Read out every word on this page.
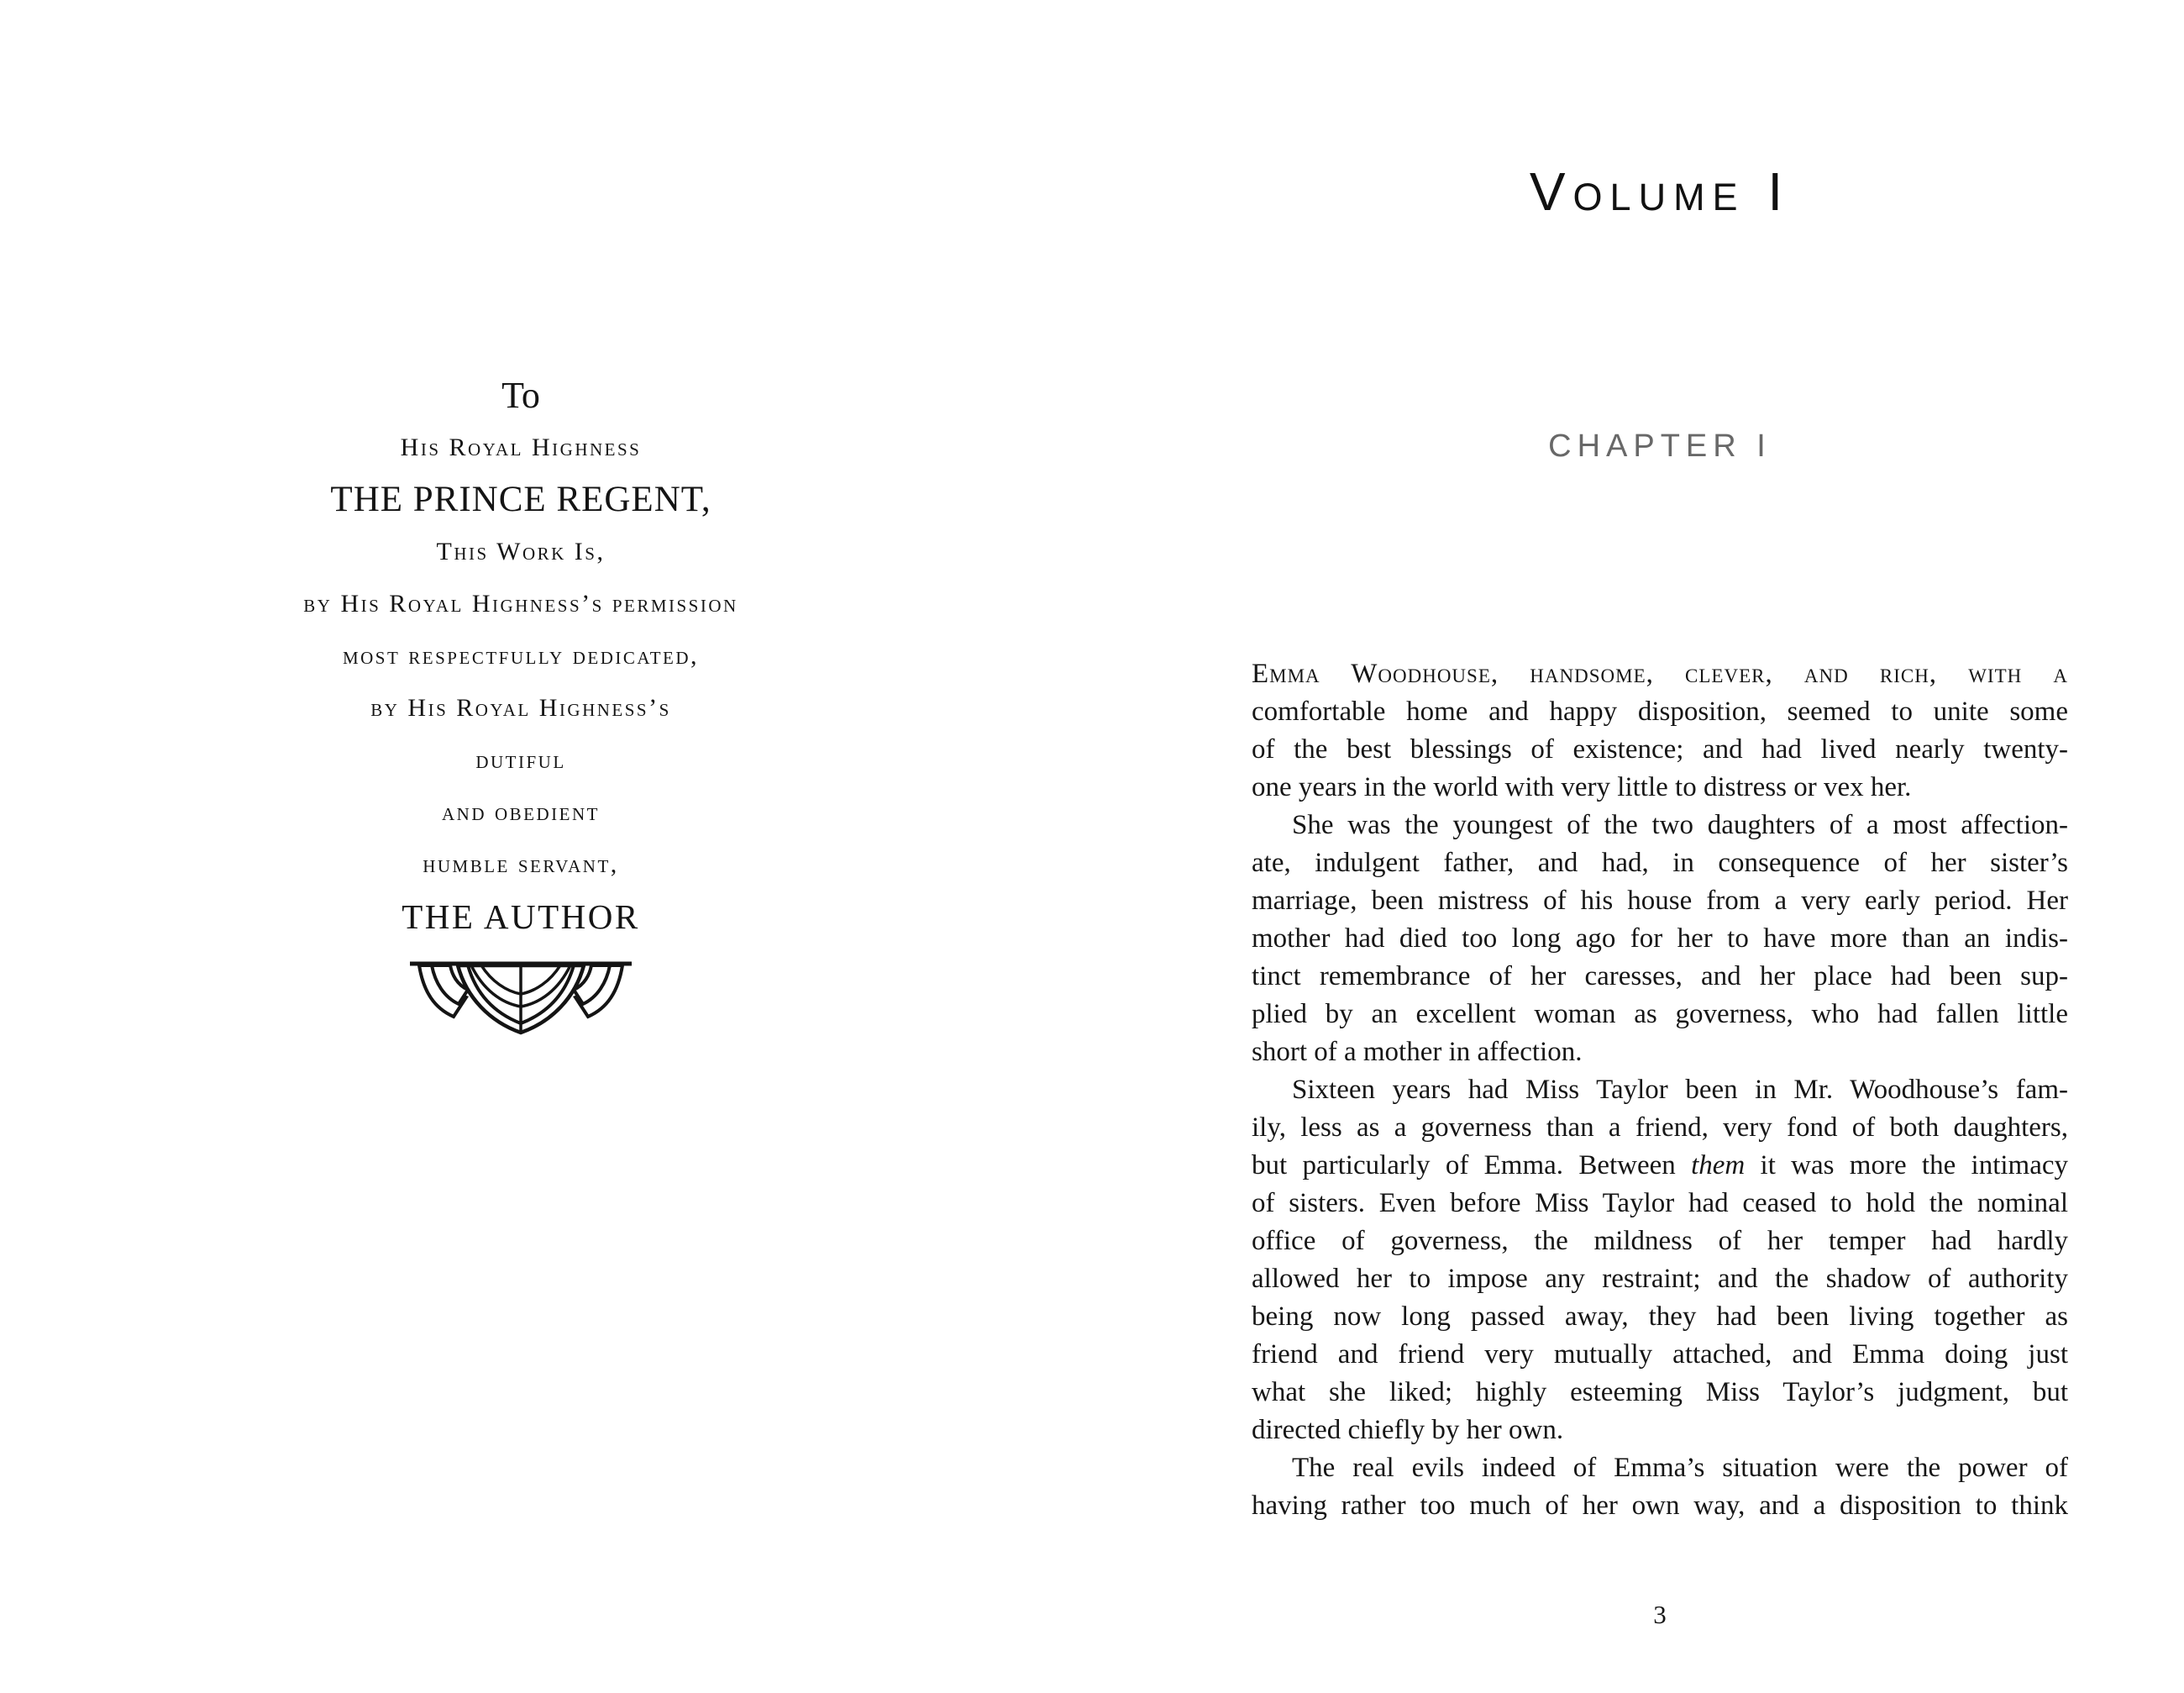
To
His Royal Highness
THE PRINCE REGENT,
This Work Is,
by His Royal Highness’s permission
most respectfully dedicated,
by His Royal Highness’s
dutiful
and obedient
humble servant,
THE AUTHOR
Volume I
CHAPTER I
Emma Woodhouse, handsome, clever, and rich, with a
comfortable home and happy disposition, seemed to unite some
of the best blessings of existence; and had lived nearly twenty-
one years in the world with very little to distress or vex her.
She was the youngest of the two daughters of a most affection-
ate, indulgent father, and had, in consequence of her sister’s
marriage, been mistress of his house from a very early period. Her
mother had died too long ago for her to have more than an indis-
tinct remembrance of her caresses, and her place had been sup-
plied by an excellent woman as governess, who had fallen little
short of a mother in affection.
Sixteen years had Miss Taylor been in Mr. Woodhouse’s fam-
ily, less as a governess than a friend, very fond of both daughters,
but particularly of Emma. Between them it was more the intimacy
of sisters. Even before Miss Taylor had ceased to hold the nominal
office of governess, the mildness of her temper had hardly
allowed her to impose any restraint; and the shadow of authority
being now long passed away, they had been living together as
friend and friend very mutually attached, and Emma doing just
what she liked; highly esteeming Miss Taylor’s judgment, but
directed chiefly by her own.
The real evils indeed of Emma’s situation were the power of
having rather too much of her own way, and a disposition to think
3
